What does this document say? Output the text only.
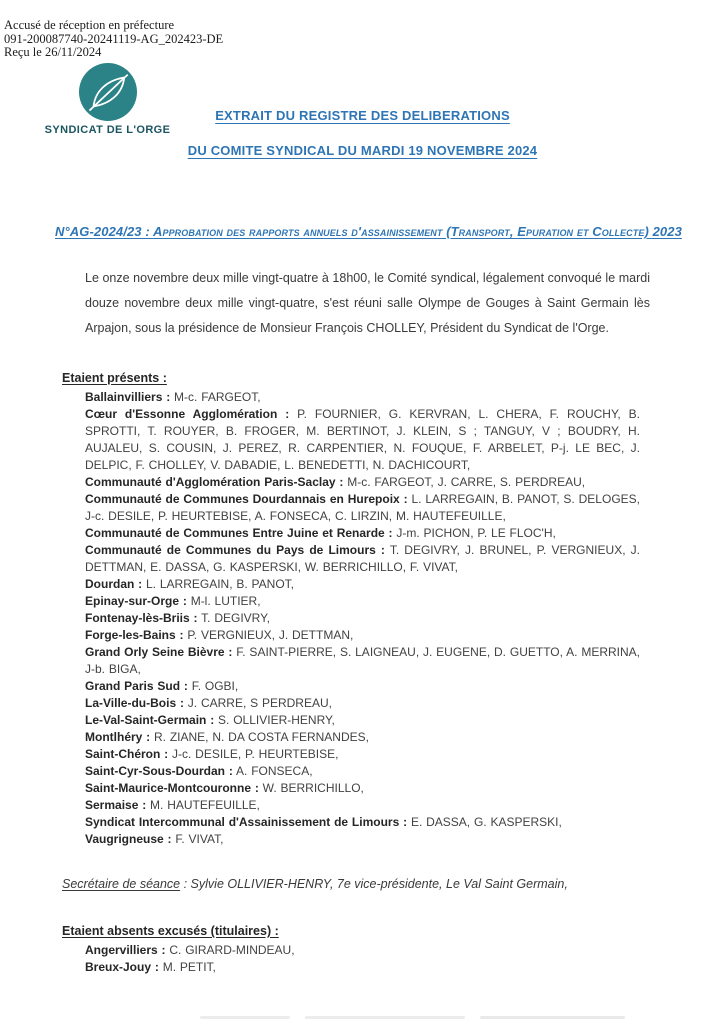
Accusé de réception en préfecture
091-200087740-20241119-AG_202423-DE
Reçu le 26/11/2024
SYNDICAT DE L'ORGE
EXTRAIT DU REGISTRE DES DELIBERATIONS
DU COMITE SYNDICAL DU MARDI 19 NOVEMBRE 2024
N°AG-2024/23 : Approbation des rapports annuels d'assainissement (Transport, Epuration et Collecte) 2023

Le onze novembre deux mille vingt-quatre à 18h00, le Comité syndical, légalement convoqué le mardi douze novembre deux mille vingt-quatre, s'est réuni salle Olympe de Gouges à Saint Germain lès Arpajon, sous la présidence de Monsieur François CHOLLEY, Président du Syndicat de l'Orge.

Etaient présents :

Ballainvilliers : M-c. FARGEOT,

Cœur d'Essonne Agglomération : P. FOURNIER, G. KERVRAN, L. CHERA, F. ROUCHY, B. SPROTTI, T. ROUYER, B. FROGER, M. BERTINOT, J. KLEIN, S ; TANGUY, V ; BOUDRY, H. AUJALEU, S. COUSIN, J. PEREZ, R. CARPENTIER, N. FOUQUE, F. ARBELET, P-j. LE BEC, J. DELPIC, F. CHOLLEY, V. DABADIE, L. BENEDETTI, N. DACHICOURT,

Communauté d'Agglomération Paris-Saclay : M-c. FARGEOT, J. CARRE, S. PERDREAU,

Communauté de Communes Dourdannais en Hurepoix : L. LARREGAIN, B. PANOT, S. DELOGES, J-c. DESILE, P. HEURTEBISE, A. FONSECA, C. LIRZIN, M. HAUTEFEUILLE,

Communauté de Communes Entre Juine et Renarde : J-m. PICHON, P. LE FLOC'H,

Communauté de Communes du Pays de Limours : T. DEGIVRY, J. BRUNEL, P. VERGNIEUX, J. DETTMAN, E. DASSA, G. KASPERSKI, W. BERRICHILLO, F. VIVAT,

Dourdan : L. LARREGAIN, B. PANOT,

Epinay-sur-Orge : M-l. LUTIER,

Fontenay-lès-Briis : T. DEGIVRY,

Forge-les-Bains : P. VERGNIEUX, J. DETTMAN,

Grand Orly Seine Bièvre : F. SAINT-PIERRE, S. LAIGNEAU, J. EUGENE, D. GUETTO, A. MERRINA, J-b. BIGA,

Grand Paris Sud : F. OGBI,

La-Ville-du-Bois : J. CARRE, S PERDREAU,

Le-Val-Saint-Germain : S. OLLIVIER-HENRY,

Montlhéry : R. ZIANE, N. DA COSTA FERNANDES,

Saint-Chéron : J-c. DESILE, P. HEURTEBISE,

Saint-Cyr-Sous-Dourdan : A. FONSECA,

Saint-Maurice-Montcouronne : W. BERRICHILLO,

Sermaise : M. HAUTEFEUILLE,

Syndicat Intercommunal d'Assainissement de Limours : E. DASSA, G. KASPERSKI,

Vaugrigneuse : F. VIVAT,

Secrétaire de séance : Sylvie OLLIVIER-HENRY, 7e vice-présidente, Le Val Saint Germain,
Etaient absents excusés (titulaires) :

Angervilliers : C. GIRARD-MINDEAU,

Breux-Jouy : M. PETIT,
